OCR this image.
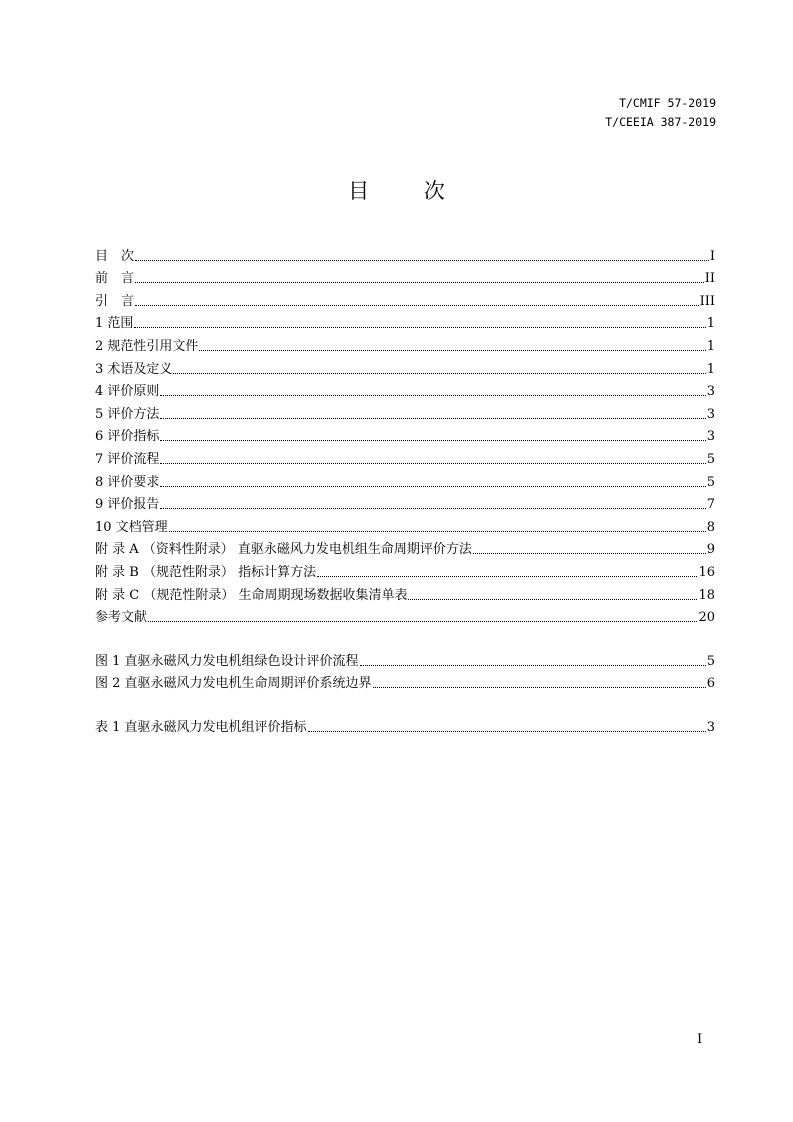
T/CMIF 57-2019
T/CEEIA 387-2019
目 次
目　次	I
前　言	II
引　言	III
1 范围	1
2 规范性引用文件	1
3 术语及定义	1
4 评价原则	3
5 评价方法	3
6 评价指标	3
7 评价流程	5
8 评价要求	5
9 评价报告	7
10 文档管理	8
附 录 A （资料性附录） 直驱永磁风力发电机组生命周期评价方法	9
附 录 B （规范性附录） 指标计算方法	16
附 录 C （规范性附录） 生命周期现场数据收集清单表	18
参考文献	20
图 1 直驱永磁风力发电机组绿色设计评价流程	5
图 2 直驱永磁风力发电机生命周期评价系统边界	6
表 1 直驱永磁风力发电机组评价指标	3
I
